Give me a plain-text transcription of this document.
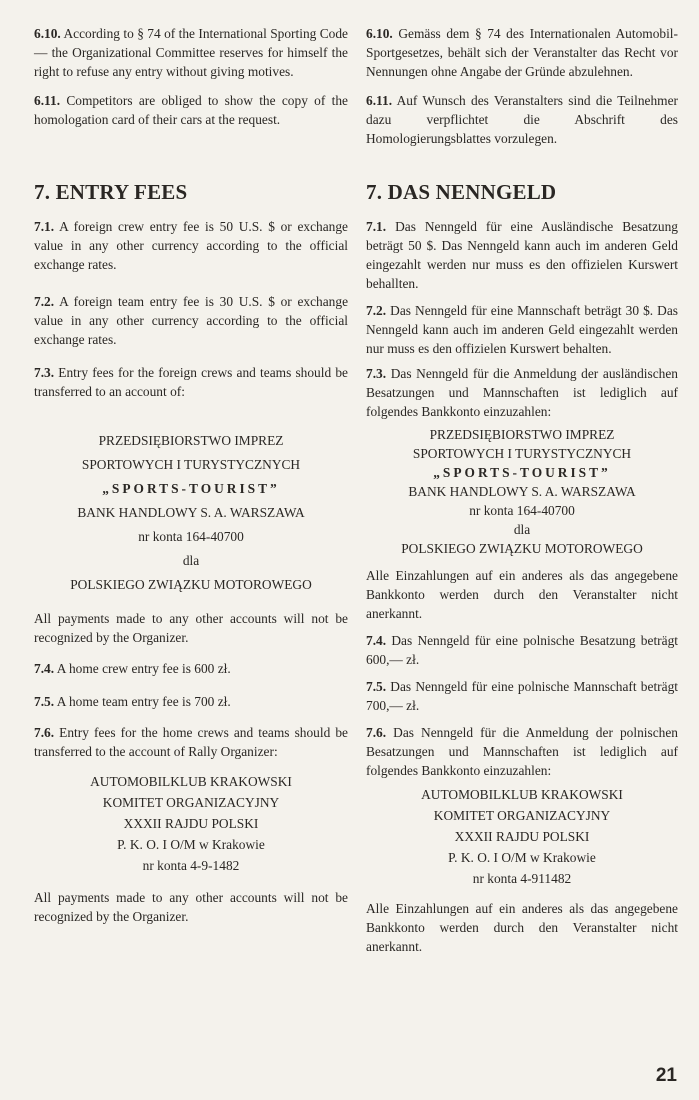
6.10. According to § 74 of the International Sporting Code — the Organizational Committee reserves for himself the right to refuse any entry without giving motives.

6.11. Competitors are obliged to show the copy of the homologation card of their cars at the request.

7. ENTRY FEES

7.1. A foreign crew entry fee is 50 U.S. $ or exchange value in any other currency according to the official exchange rates.

7.2. A foreign team entry fee is 30 U.S. $ or exchange value in any other currency according to the official exchange rates.

7.3. Entry fees for the foreign crews and teams should be transferred to an account of:

PRZEDSIĘBIORSTWO IMPREZ

SPORTOWYCH I TURYSTYCZNYCH

„SPORTS-TOURIST”

BANK HANDLOWY S. A. WARSZAWA

nr konta 164-40700

dla

POLSKIEGO ZWIĄZKU MOTOROWEGO

All payments made to any other accounts will not be recognized by the Organizer.

7.4. A home crew entry fee is 600 zł.

7.5. A home team entry fee is 700 zł.

7.6. Entry fees for the home crews and teams should be transferred to the account of Rally Organizer:

AUTOMOBILKLUB KRAKOWSKI

KOMITET ORGANIZACYJNY

XXXII RAJDU POLSKI

P. K. O. I O/M w Krakowie

nr konta 4-9-1482

All payments made to any other accounts will not be recognized by the Organizer.

6.10. Gemäss dem § 74 des Internationalen Automobil-Sportgesetzes, behält sich der Veranstalter das Recht vor Nennungen ohne Angabe der Gründe abzulehnen.

6.11. Auf Wunsch des Veranstalters sind die Teilnehmer dazu verpflichtet die Abschrift des Homologierungsblattes vorzulegen.

7. DAS NENNGELD

7.1. Das Nenngeld für eine Ausländische Besatzung beträgt 50 $. Das Nenngeld kann auch im anderen Geld eingezahlt werden nur muss es den offizielen Kurswert behallten.

7.2. Das Nenngeld für eine Mannschaft beträgt 30 $. Das Nenngeld kann auch im anderen Geld eingezahlt werden nur muss es den offizielen Kurswert behalten.

7.3. Das Nenngeld für die Anmeldung der ausländischen Besatzungen und Mannschaften ist lediglich auf folgendes Bankkonto einzuzahlen:

PRZEDSIĘBIORSTWO IMPREZ

SPORTOWYCH I TURYSTYCZNYCH

„SPORTS-TOURIST”

BANK HANDLOWY S. A. WARSZAWA

nr konta 164-40700

dla

POLSKIEGO ZWIĄZKU MOTOROWEGO

Alle Einzahlungen auf ein anderes als das angegebene Bankkonto werden durch den Veranstalter nicht anerkannt.

7.4. Das Nenngeld für eine polnische Besatzung beträgt 600,— zł.

7.5. Das Nenngeld für eine polnische Mannschaft beträgt 700,— zł.

7.6. Das Nenngeld für die Anmeldung der polnischen Besatzungen und Mannschaften ist lediglich auf folgendes Bankkonto einzuzahlen:

AUTOMOBILKLUB KRAKOWSKI

KOMITET ORGANIZACYJNY

XXXII RAJDU POLSKI

P. K. O. I O/M w Krakowie

nr konta 4-911482

Alle Einzahlungen auf ein anderes als das angegebene Bankkonto werden durch den Veranstalter nicht anerkannt.

21
